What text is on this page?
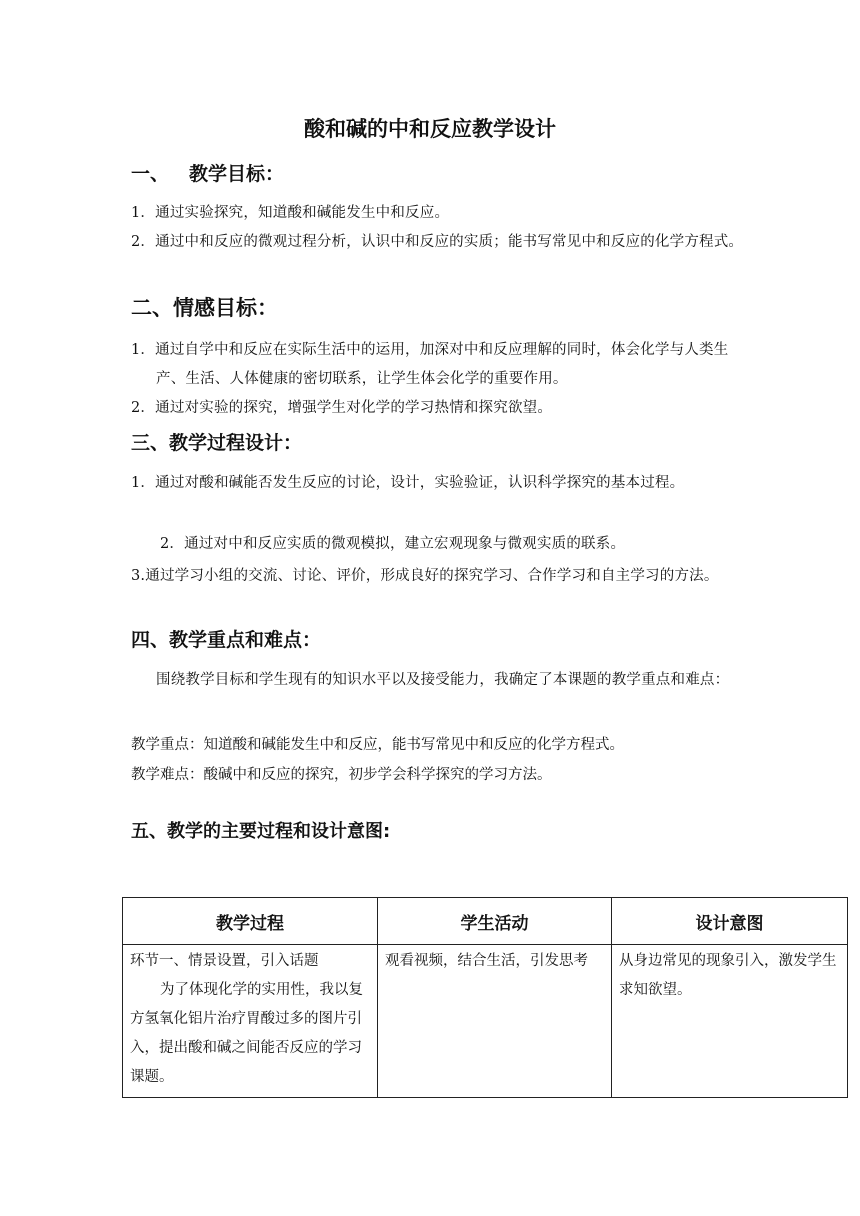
酸和碱的中和反应教学设计
一、 教学目标：
1．通过实验探究，知道酸和碱能发生中和反应。
2．通过中和反应的微观过程分析，认识中和反应的实质；能书写常见中和反应的化学方程式。
二、情感目标：
1．通过自学中和反应在实际生活中的运用，加深对中和反应理解的同时，体会化学与人类生产、生活、人体健康的密切联系，让学生体会化学的重要作用。
2．通过对实验的探究，增强学生对化学的学习热情和探究欲望。
三、教学过程设计：
1．通过对酸和碱能否发生反应的讨论，设计，实验验证，认识科学探究的基本过程。
2．通过对中和反应实质的微观模拟，建立宏观现象与微观实质的联系。
3.通过学习小组的交流、讨论、评价，形成良好的探究学习、合作学习和自主学习的方法。
四、教学重点和难点：
围绕教学目标和学生现有的知识水平以及接受能力，我确定了本课题的教学重点和难点：
教学重点：知道酸和碱能发生中和反应，能书写常见中和反应的化学方程式。
教学难点：酸碱中和反应的探究，初步学会科学探究的学习方法。
五、教学的主要过程和设计意图:
教学过程	学生活动	设计意图

环节一、情景设置，引入话题
为了体现化学的实用性，我以复方氢氧化铝片治疗胃酸过多的图片引入，提出酸和碱之间能否反应的学习课题。	观看视频，结合生活，引发思考	从身边常见的现象引入，激发学生求知欲望。
